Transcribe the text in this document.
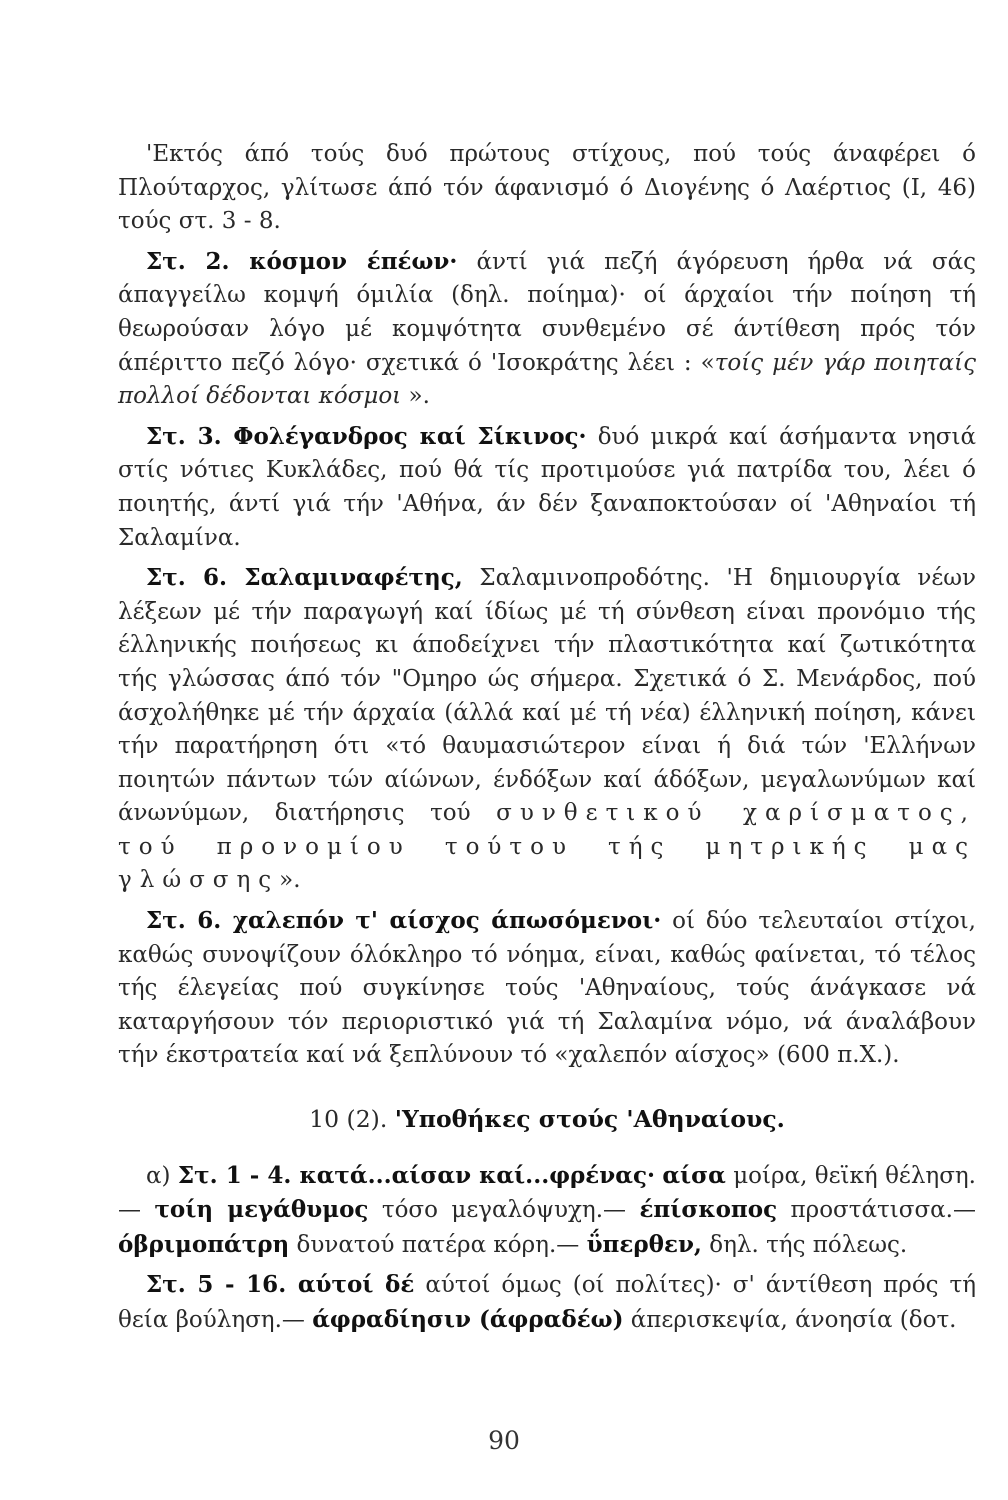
'Εκτός άπό τούς δυό πρώτους στίχους, πού τούς άναφέρει ό Πλούταρχος, γλίτωσε άπό τόν άφανισμό ό Διογένης ό Λαέρτιος (I, 46) τούς στ. 3 - 8.

Στ. 2. κόσμον έπέων· άντί γιά πεζή άγόρευση ήρθα νά σάς άπαγγείλω κομψή όμιλία (δηλ. ποίημα)· οί άρχαίοι τήν ποίηση τή θεωρούσαν λόγο μέ κομψότητα συνθεμένο σέ άντίθεση πρός τόν άπέριττο πεζό λόγο· σχετικά ό 'Ισοκράτης λέει : «τοίς μέν γάρ ποιηταίς πολλοί δέδονται κόσμοι ».

Στ. 3. Φολέγανδρος καί Σίκινος· δυό μικρά καί άσήμαντα νησιά στίς νότιες Κυκλάδες, πού θά τίς προτιμούσε γιά πατρίδα του, λέει ό ποιητής, άντί γιά τήν 'Αθήνα, άν δέν ξαναποκτούσαν οί 'Αθηναίοι τή Σαλαμίνα.

Στ. 6. Σαλαμιναφέτης, Σαλαμινοπροδότης. 'Η δημιουργία νέων λέξεων μέ τήν παραγωγή καί ίδίως μέ τή σύνθεση είναι προνόμιο τής έλληνικής ποιήσεως κι άποδείχνει τήν πλαστικότητα καί ζωτικότητα τής γλώσσας άπό τόν "Ομηρο ώς σήμερα. Σχετικά ό Σ. Μενάρδος, πού άσχολήθηκε μέ τήν άρχαία (άλλά καί μέ τή νέα) έλληνική ποίηση, κάνει τήν παρατήρηση ότι «τό θαυμασιώτερον είναι ή διά τών 'Ελλήνων ποιητών πάντων τών αίώνων, ένδόξων καί άδόξων, μεγαλωνύμων καί άνωνύμων, διατήρησις τού συνθετικού χαρίσματος, τού προνομίου τούτου τής μητρικής μας γλώσσης».

Στ. 6. χαλεπόν τ' αίσχος άπωσόμενοι· οί δύο τελευταίοι στίχοι, καθώς συνοψίζουν όλόκληρο τό νόημα, είναι, καθώς φαίνεται, τό τέλος τής έλεγείας πού συγκίνησε τούς 'Αθηναίους, τούς άνάγκασε νά καταργήσουν τόν περιοριστικό γιά τή Σαλαμίνα νόμο, νά άναλάβουν τήν έκστρατεία καί νά ξεπλύνουν τό «χαλεπόν αίσχος» (600 π.Χ.).

10 (2). 'Υποθήκες στούς 'Αθηναίους.

α) Στ. 1 - 4. κατά...αίσαν καί...φρένας· αίσα μοίρα, θεϊκή θέληση.— τοίη μεγάθυμος τόσο μεγαλόψυχη.— έπίσκοπος προστάτισσα.— όβριμοπάτρη δυνατού πατέρα κόρη.— ΰπερθεν, δηλ. τής πόλεως.

Στ. 5 - 16. αύτοί δέ αύτοί όμως (οί πολίτες)· σ' άντίθεση πρός τή θεία βούληση.— άφραδίησιν (άφραδέω) άπερισκεψία, άνοησία (δοτ.

90
